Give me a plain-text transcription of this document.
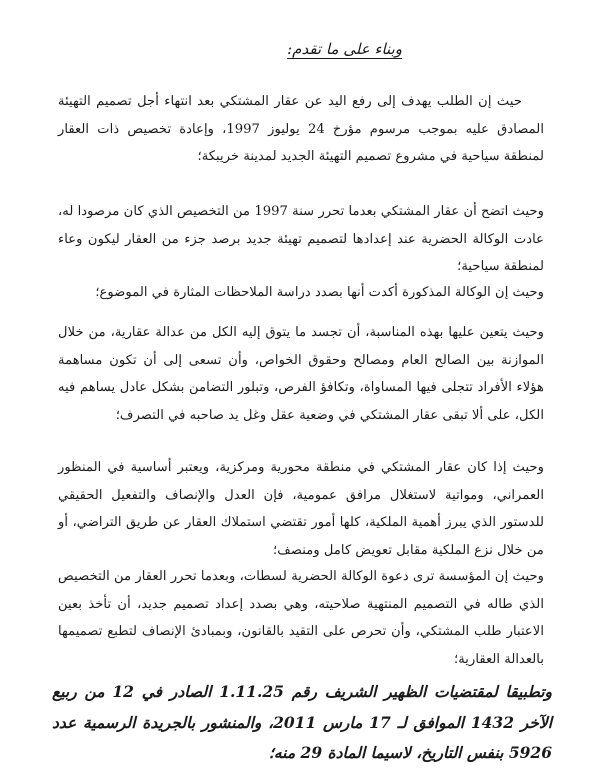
وبناء على ما تقدم:

حيث إن الطلب يهدف إلى رفع اليد عن عقار المشتكي بعد انتهاء أجل تصميم التهيئة المصادق عليه بموجب مرسوم مؤرخ 24 يوليوز 1997، وإعادة تخصيص ذات العقار لمنطقة سياحية في مشروع تصميم التهيئة الجديد لمدينة خريبكة؛

وحيث اتضح أن عقار المشتكي بعدما تحرر سنة 1997 من التخصيص الذي كان مرصودا له، عادت الوكالة الحضرية عند إعدادها لتصميم تهيئة جديد برصد جزء من العقار ليكون وعاء لمنطقة سياحية؛

وحيث إن الوكالة المذكورة أكدت أنها بصدد دراسة الملاحظات المثارة في الموضوع؛

وحيث يتعين عليها بهذه المناسبة، أن تجسد ما يتوق إليه الكل من عدالة عقارية، من خلال الموازنة بين الصالح العام ومصالح وحقوق الخواص، وأن تسعى إلى أن تكون مساهمة هؤلاء الأفراد تتجلى فيها المساواة، وتكافؤ الفرص، وتبلور التضامن بشكل عادل يساهم فيه الكل، على ألا تبقى عقار المشتكي في وضعية عقل وغل يد صاحبه في التصرف؛

وحيث إذا كان عقار المشتكي في منطقة محورية ومركزية، ويعتبر أساسية في المنظور العمراني، ومواتية لاستغلال مرافق عمومية، فإن العدل والإنصاف والتفعيل الحقيقي للدستور الذي يبرز أهمية الملكية، كلها أمور تقتضي استملاك العقار عن طريق التراضي، أو من خلال نزع الملكية مقابل تعويض كامل ومنصف؛

وحيث إن المؤسسة ترى دعوة الوكالة الحضرية لسطات، وبعدما تحرر العقار من التخصيص الذي طاله في التصميم المنتهية صلاحيته، وهي بصدد إعداد تصميم جديد، أن تأخذ بعين الاعتبار طلب المشتكي، وأن تحرص على التقيد بالقانون، وبمبادئ الإنصاف لتطبع تصميمها بالعدالة العقارية؛

وتطبيقا لمقتضيات الظهير الشريف رقم 1.11.25 الصادر في 12 من ربيع الآخر 1432 الموافق لـ 17 مارس 2011، والمنشور بالجريدة الرسمية عدد 5926 بنفس التاريخ، لاسيما المادة 29 منه؛
